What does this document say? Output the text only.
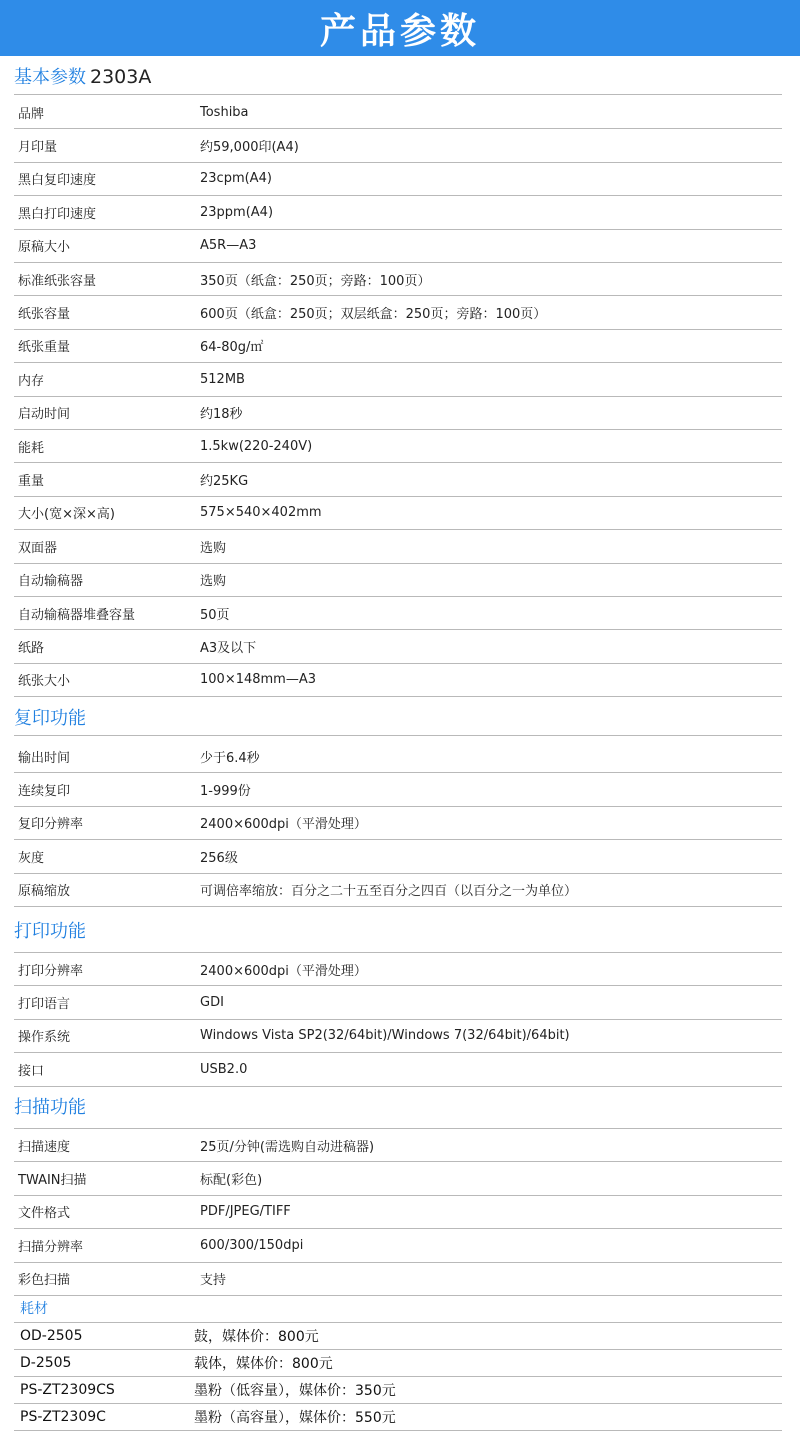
产品参数
基本参数 2303A
品牌	Toshiba
月印量	约59,000印(A4)
黑白复印速度	23cpm(A4)
黑白打印速度	23ppm(A4)
原稿大小	A5R—A3
标准纸张容量	350页（纸盒：250页；旁路：100页）
纸张容量	600页（纸盒：250页；双层纸盒：250页；旁路：100页）
纸张重量	64-80g/㎡
内存	512MB
启动时间	约18秒
能耗	1.5kw(220-240V)
重量	约25KG
大小(宽×深×高)	575×540×402mm
双面器	选购
自动输稿器	选购
自动输稿器堆叠容量	50页
纸路	A3及以下
纸张大小	100×148mm—A3
复印功能
输出时间	少于6.4秒
连续复印	1-999份
复印分辨率	2400×600dpi（平滑处理）
灰度	256级
原稿缩放	可调倍率缩放：百分之二十五至百分之四百（以百分之一为单位）
打印功能
打印分辨率	2400×600dpi（平滑处理）
打印语言	GDI
操作系统	Windows Vista SP2(32/64bit)/Windows 7(32/64bit)/64bit)
接口	USB2.0
扫描功能
扫描速度	25页/分钟(需选购自动进稿器)
TWAIN扫描	标配(彩色)
文件格式	PDF/JPEG/TIFF
扫描分辨率	600/300/150dpi
彩色扫描	支持
耗材
OD-2505	鼓，媒体价：800元
D-2505	载体，媒体价：800元
PS-ZT2309CS	墨粉（低容量），媒体价：350元
PS-ZT2309C	墨粉（高容量），媒体价：550元
